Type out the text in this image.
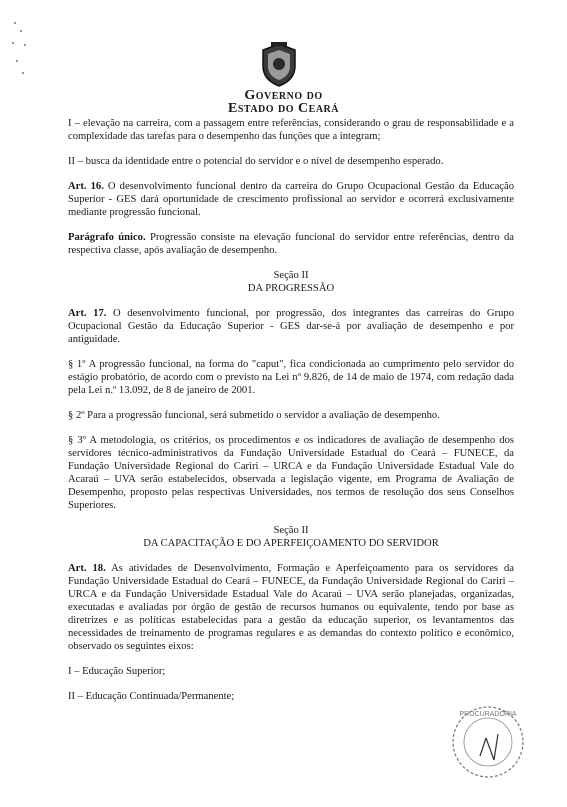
Governo do
Estado do Ceará

I – elevação na carreira, com a passagem entre referências, considerando o grau de responsabilidade e a complexidade das tarefas para o desempenho das funções que a integram;

II – busca da identidade entre o potencial do servidor e o nível de desempenho esperado.

Art. 16. O desenvolvimento funcional dentro da carreira do Grupo Ocupacional Gestão da Educação Superior - GES dará oportunidade de crescimento profissional ao servidor e ocorrerá exclusivamente mediante progressão funcional.

Parágrafo único. Progressão consiste na elevação funcional do servidor entre referências, dentro da respectiva classe, após avaliação de desempenho.

Seção II
DA PROGRESSÃO

Art. 17. O desenvolvimento funcional, por progressão, dos integrantes das carreiras do Grupo Ocupacional Gestão da Educação Superior - GES dar-se-á por avaliação de desempenho e por antiguidade.

§ 1º A progressão funcional, na forma do "caput", fica condicionada ao cumprimento pelo servidor do estágio probatório, de acordo com o previsto na Lei nº 9.826, de 14 de maio de 1974, com redação dada pela Lei n.º 13.092, de 8 de janeiro de 2001.

§ 2º Para a progressão funcional, será submetido o servidor a avaliação de desempenho.

§ 3º A metodologia, os critérios, os procedimentos e os indicadores de avaliação de desempenho dos servidores técnico-administrativos da Fundação Universidade Estadual do Ceará – FUNECE, da Fundação Universidade Regional do Cariri – URCA e da Fundação Universidade Estadual Vale do Acaraú – UVA serão estabelecidos, observada a legislação vigente, em Programa de Avaliação de Desempenho, proposto pelas respectivas Universidades, nos termos de resolução dos seus Conselhos Superiores.

Seção II
DA CAPACITAÇÃO E DO APERFEIÇOAMENTO DO SERVIDOR

Art. 18. As atividades de Desenvolvimento, Formação e Aperfeiçoamento para os servidores da Fundação Universidade Estadual do Ceará – FUNECE, da Fundação Universidade Regional do Cariri – URCA e da Fundação Universidade Estadual Vale do Acaraú – UVA serão planejadas, organizadas, executadas e avaliadas por órgão de gestão de recursos humanos ou equivalente, tendo por base as diretrizes e as políticas estabelecidas para a gestão da educação superior, os levantamentos das necessidades de treinamento de programas regulares e as demandas do contexto político e econômico, observado os seguintes eixos:

I – Educação Superior;

II – Educação Continuada/Permanente;

PROCURADORIA
